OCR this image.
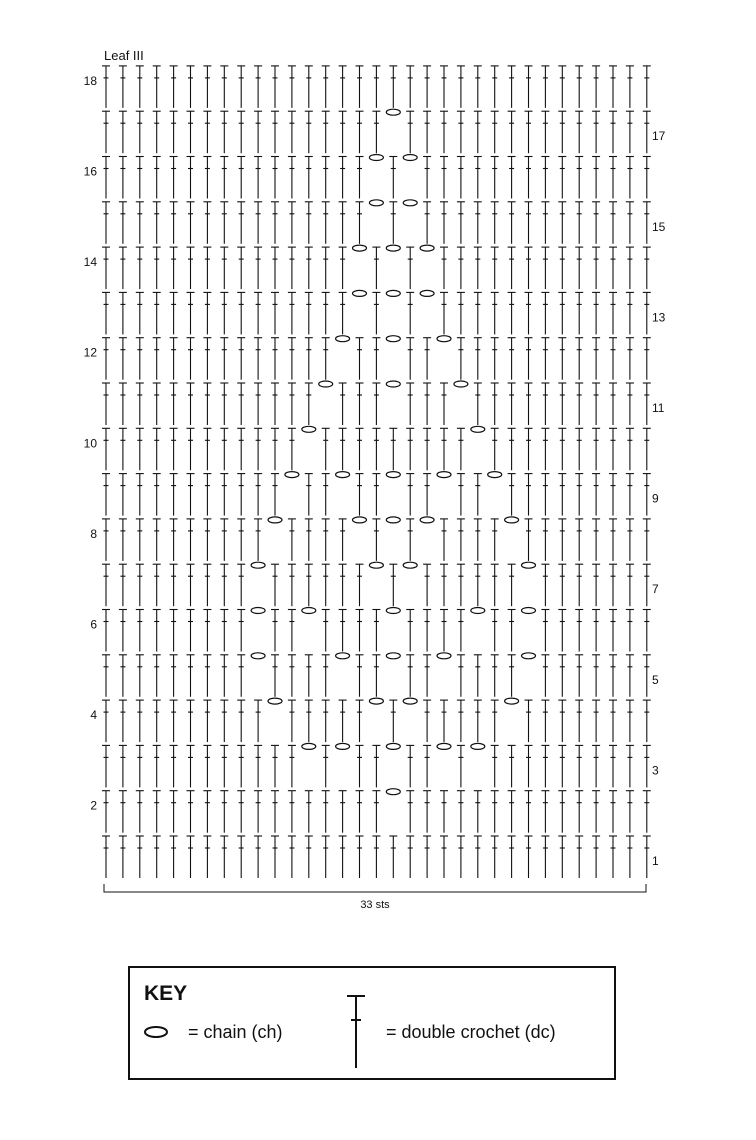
Leaf III
1
2
3
4
5
6
7
8
9
10
11
12
13
14
15
16
17
18
33 sts
KEY
= chain (ch)	= double crochet (dc)
